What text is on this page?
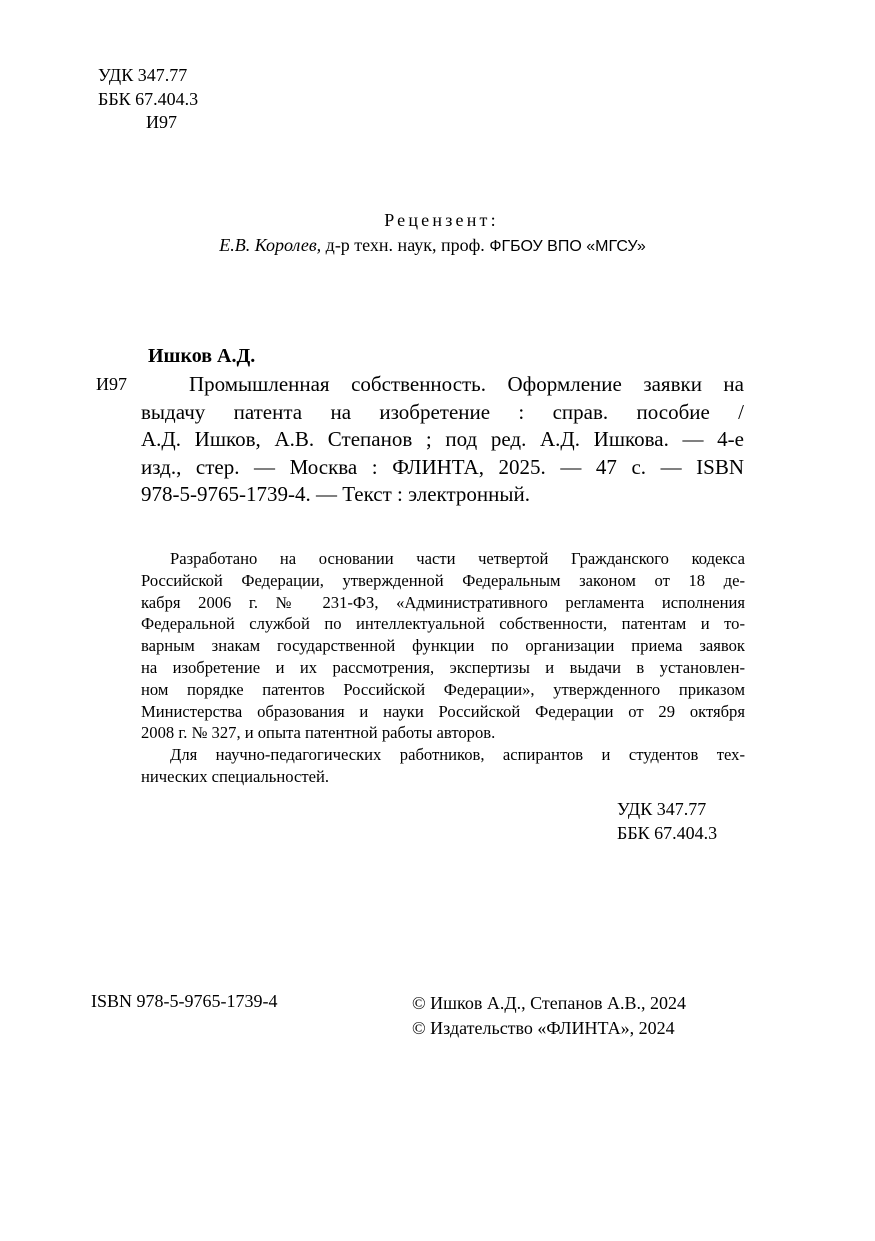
УДК 347.77
ББК 67.404.3
И97
Рецензент:
Е.В. Королев, д-р техн. наук, проф. ФГБОУ ВПО «МГСУ»
Ишков А.Д.
И97	Промышленная собственность. Оформление заявки на
выдачу патента на изобретение : справ. пособие /
А.Д. Ишков, А.В. Степанов ; под ред. А.Д. Ишкова. — 4-е
изд., стер. — Москва : ФЛИНТА, 2025. — 47 с. — ISBN
978-5-9765-1739-4. — Текст : электронный.
Разработано на основании части четвертой Гражданского кодекса
Российской Федерации, утвержденной Федеральным законом от 18 де-
кабря 2006 г. № 231-ФЗ, «Административного регламента исполнения
Федеральной службой по интеллектуальной собственности, патентам и то-
варным знакам государственной функции по организации приема заявок
на изобретение и их рассмотрения, экспертизы и выдачи в установлен-
ном порядке патентов Российской Федерации», утвержденного приказом
Министерства образования и науки Российской Федерации от 29 октября
2008 г. № 327, и опыта патентной работы авторов.
Для научно-педагогических работников, аспирантов и студентов тех-
нических специальностей.
УДК 347.77
ББК 67.404.3
ISBN 978-5-9765-1739-4	© Ишков А.Д., Степанов А.В., 2024
© Издательство «ФЛИНТА», 2024
